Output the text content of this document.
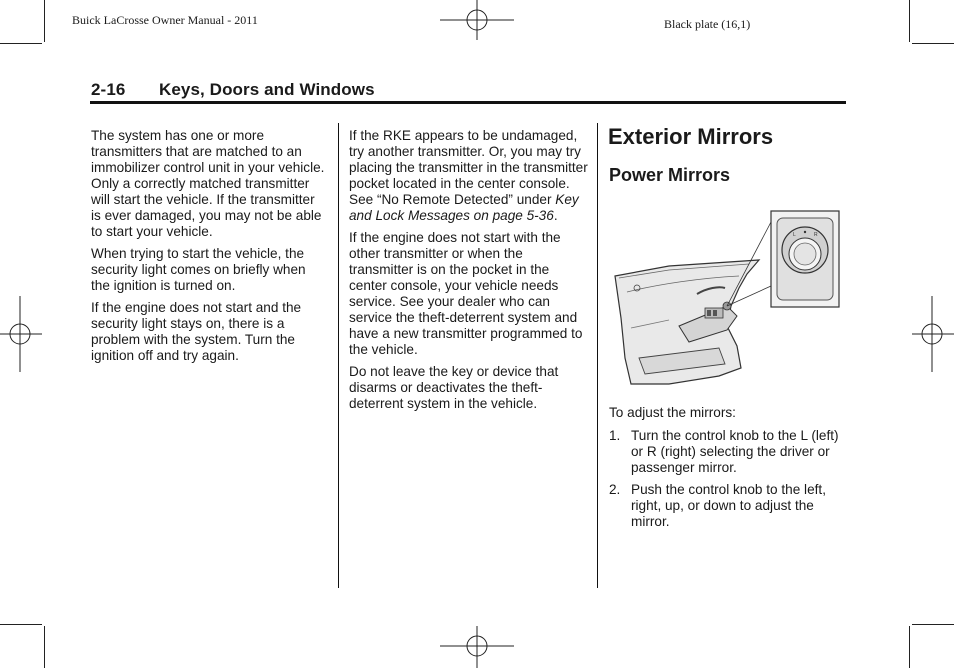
Buick LaCrosse Owner Manual - 2011	Black plate (16,1)
2-16 Keys, Doors and Windows

The system has one or more transmitters that are matched to an immobilizer control unit in your vehicle. Only a correctly matched transmitter will start the vehicle. If the transmitter is ever damaged, you may not be able to start your vehicle.

When trying to start the vehicle, the security light comes on briefly when the ignition is turned on.

If the engine does not start and the security light stays on, there is a problem with the system. Turn the ignition off and try again.

If the RKE appears to be undamaged, try another transmitter. Or, you may try placing the transmitter in the transmitter pocket located in the center console. See “No Remote Detected” under Key and Lock Messages on page 5‑36.

If the engine does not start with the other transmitter or when the transmitter is on the pocket in the center console, your vehicle needs service. See your dealer who can service the theft-deterrent system and have a new transmitter programmed to the vehicle.

Do not leave the key or device that disarms or deactivates the theft-deterrent system in the vehicle.

Exterior Mirrors
Power Mirrors
L	R

To adjust the mirrors:

1. Turn the control knob to the L (left) or R (right) selecting the driver or passenger mirror.
2. Push the control knob to the left, right, up, or down to adjust the mirror.
